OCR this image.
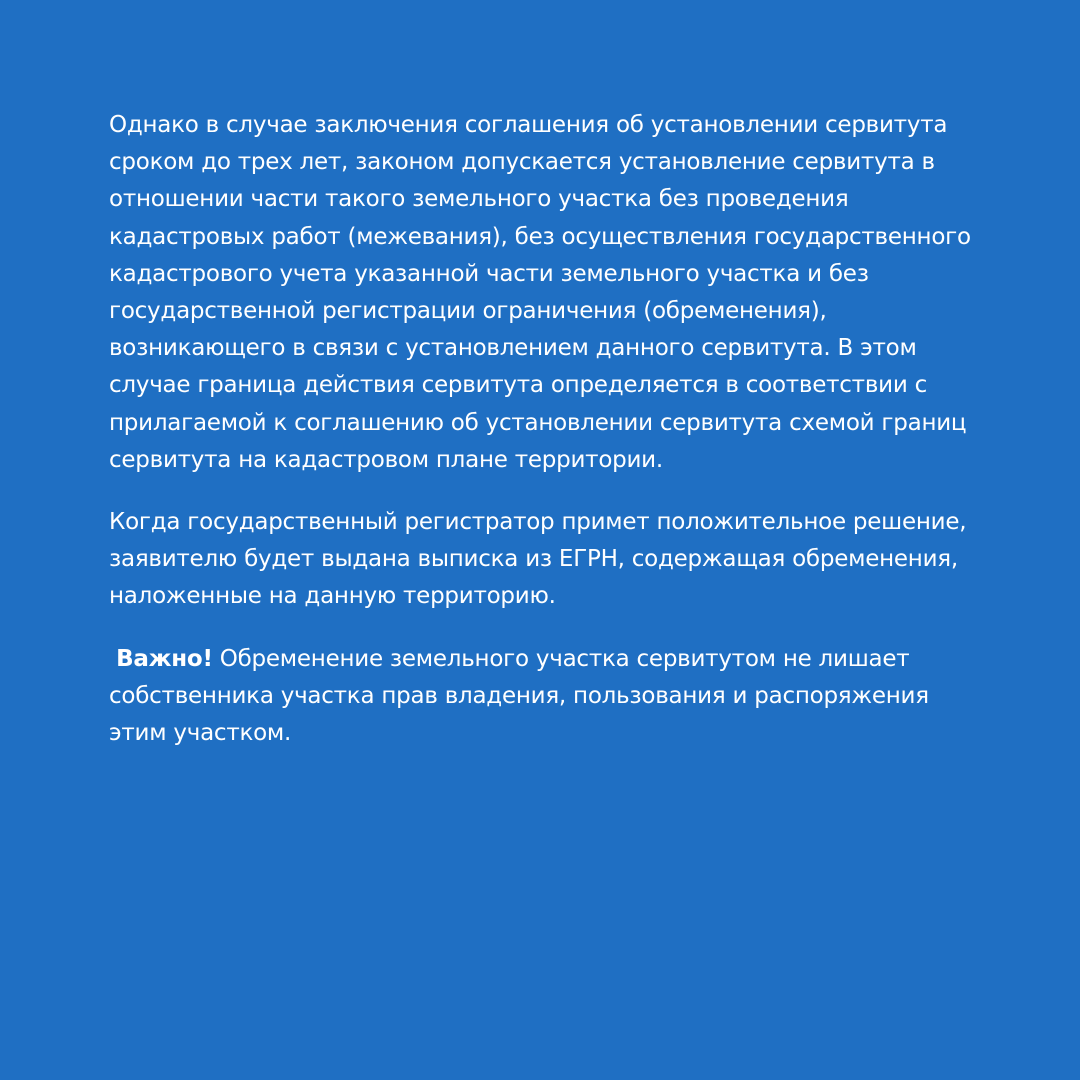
Однако в случае заключения соглашения об установлении сервитута сроком до трех лет, законом допускается установление сервитута в отношении части такого земельного участка без проведения кадастровых работ (межевания), без осуществления государственного кадастрового учета указанной части земельного участка и без государственной регистрации ограничения (обременения), возникающего в связи с установлением данного сервитута. В этом случае граница действия сервитута определяется в соответствии с прилагаемой к соглашению об установлении сервитута схемой границ сервитута на кадастровом плане территории.

Когда государственный регистратор примет положительное решение, заявителю будет выдана выписка из ЕГРН, содержащая обременения, наложенные на данную территорию.

Важно! Обременение земельного участка сервитутом не лишает собственника участка прав владения, пользования и распоряжения этим участком.
